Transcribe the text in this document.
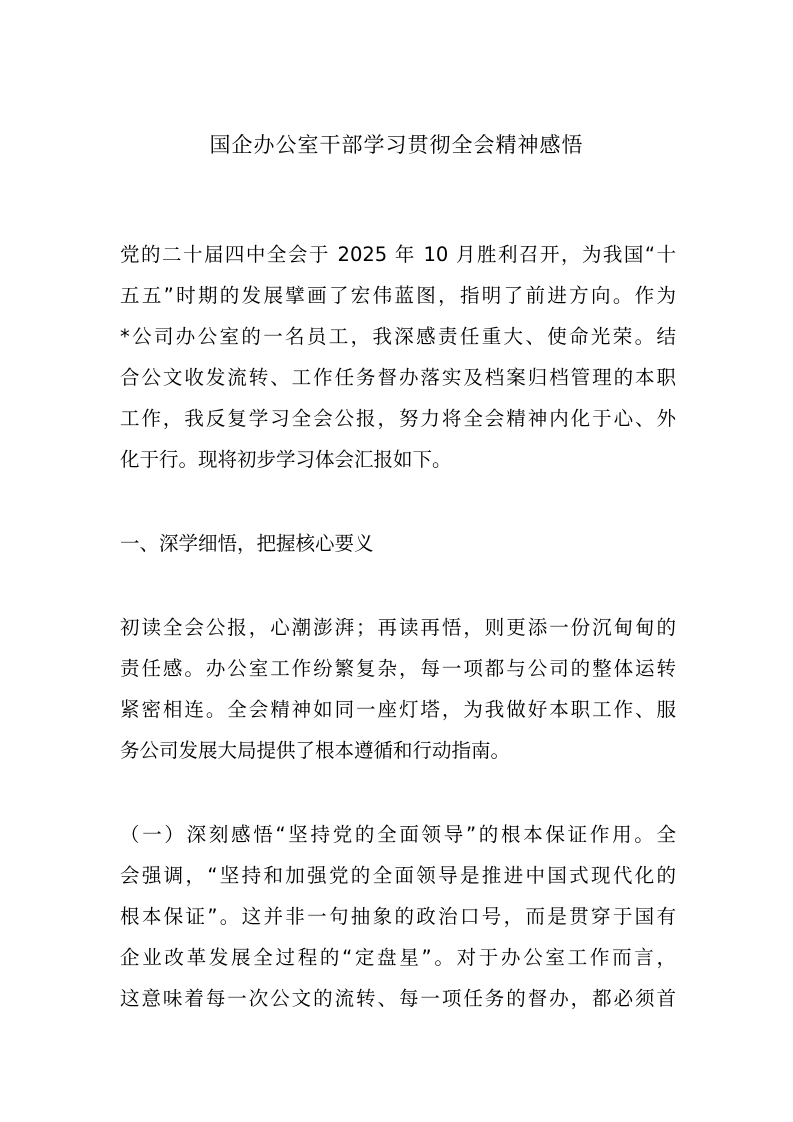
国企办公室干部学习贯彻全会精神感悟
党的二十届四中全会于 2025 年 10 月胜利召开，为我国“十
五五”时期的发展擘画了宏伟蓝图，指明了前进方向。作为
*公司办公室的一名员工，我深感责任重大、使命光荣。结
合公文收发流转、工作任务督办落实及档案归档管理的本职
工作，我反复学习全会公报，努力将全会精神内化于心、外
化于行。现将初步学习体会汇报如下。
一、深学细悟，把握核心要义
初读全会公报，心潮澎湃；再读再悟，则更添一份沉甸甸的
责任感。办公室工作纷繁复杂，每一项都与公司的整体运转
紧密相连。全会精神如同一座灯塔，为我做好本职工作、服
务公司发展大局提供了根本遵循和行动指南。
（一）深刻感悟“坚持党的全面领导”的根本保证作用。全
会强调，“坚持和加强党的全面领导是推进中国式现代化的
根本保证”。这并非一句抽象的政治口号，而是贯穿于国有
企业改革发展全过程的“定盘星”。对于办公室工作而言，
这意味着每一次公文的流转、每一项任务的督办，都必须首
